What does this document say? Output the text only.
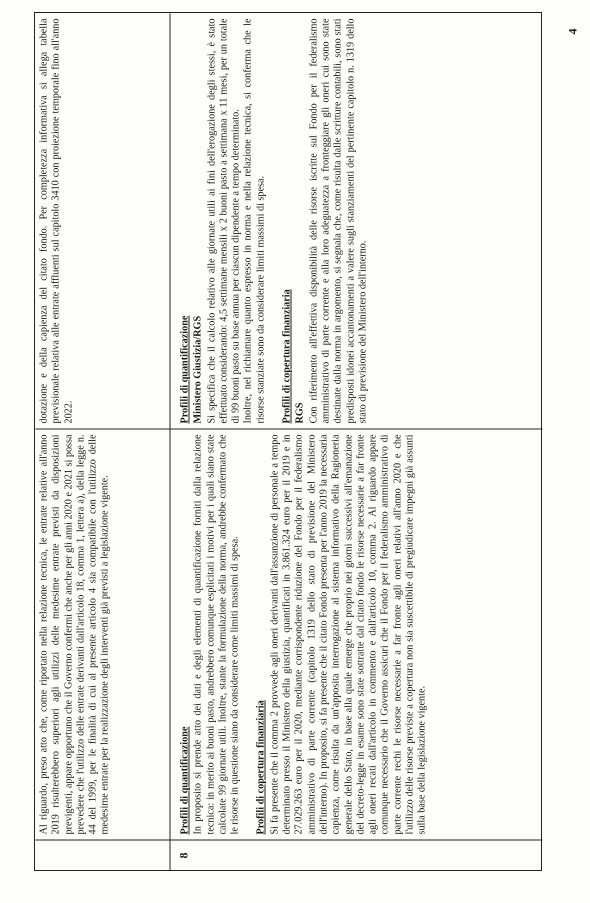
4

Al riguardo, preso atto che, come riportato nella relazione tecnica, le entrate relative all'anno 2019 risulterebbero superiori agli utilizzi delle medesime entrate previsti da disposizioni previgenti, appare opportuno che il Governo confermi che anche per gli anni 2020 e 2021 si possa prevedere che l'utilizzo delle entrate derivanti dall'articolo 18, comma 1, lettera a), della legge n. 44 del 1999, per le finalità di cui al presente articolo 4 sia compatibile con l'utilizzo delle medesime entrate per la realizzazione degli interventi già previsti a legislazione vigente.

dotazione e della capienza del citato fondo. Per completezza informativa si allega tabella previsionale relativa alle entrate affluenti sul capitolo 3410 con proiezione temporale fino all'anno 2022.

8
Profili di quantificazione In proposito si prende atto dei dati e degli elementi di quantificazione forniti dalla relazione tecnica: in merito ai buoni pasto, andrebbero comunque esplicitati i motivi per i quali siano state calcolate 99 giornate utili. Inoltre, stante la formulazione della norma, andrebbe confermato che le risorse in questione siano da considerare come limiti massimi di spesa. Profili di copertura finanziaria Si fa presente che il comma 2 provvede agli oneri derivanti dall'assunzione di personale a tempo determinato presso il Ministero della giustizia, quantificati in 3.861.324 euro per il 2019 e in 27.029.263 euro per il 2020, mediante corrispondente riduzione del Fondo per il federalismo amministrativo di parte corrente (capitolo 1319 dello stato di previsione del Ministero dell'interno). In proposito, si fa presente che il citato Fondo presenta per l'anno 2019 la necessaria capienza, come risulta da un'apposita interrogazione al sistema informativo della Ragioneria generale dello Stato, in base alla quale emerge che proprio nei giorni successivi all'emanazione del decreto-legge in esame sono state sottratte dal citato fondo le risorse necessarie a far fronte agli oneri recati dall'articolo in commento e dall'articolo 10, comma 2. Al riguardo appare comunque necessario che il Governo assicuri che il Fondo per il federalismo amministrativo di parte corrente rechi le risorse necessarie a far fronte agli oneri relativi all'anno 2020 e che l'utilizzo delle risorse previste a copertura non sia suscettibile di pregiudicare impegni già assunti sulla base della legislazione vigente.

Profili di quantificazione Ministero Giustizia/RGS Si specifica che il calcolo relativo alle giornate utili ai fini dell'erogazione degli stessi, è stato effettuato considerando: 4,5 settimane mensili x 2 buoni pasto a settimana x 11 mesi, per un totale di 99 buoni pasto su base annua per ciascun dipendente a tempo determinato. Inoltre, nel richiamare quanto espresso in norma e nella relazione tecnica, si conferma che le risorse stanziate sono da considerare limiti massimi di spesa. Profili di copertura finanziaria RGS Con riferimento all'effettiva disponibilità delle risorse iscritte sul Fondo per il federalismo amministrativo di parte corrente e alla loro adeguatezza a fronteggiare gli oneri cui sono state destinate dalla norma in argomento, si segnala che, come risulta dalle scritture contabili, sono stati predisposti idonei accantonamenti a valere sugli stanziamenti del pertinente capitolo n. 1319 dello stato di previsione del Ministero dell'interno.
